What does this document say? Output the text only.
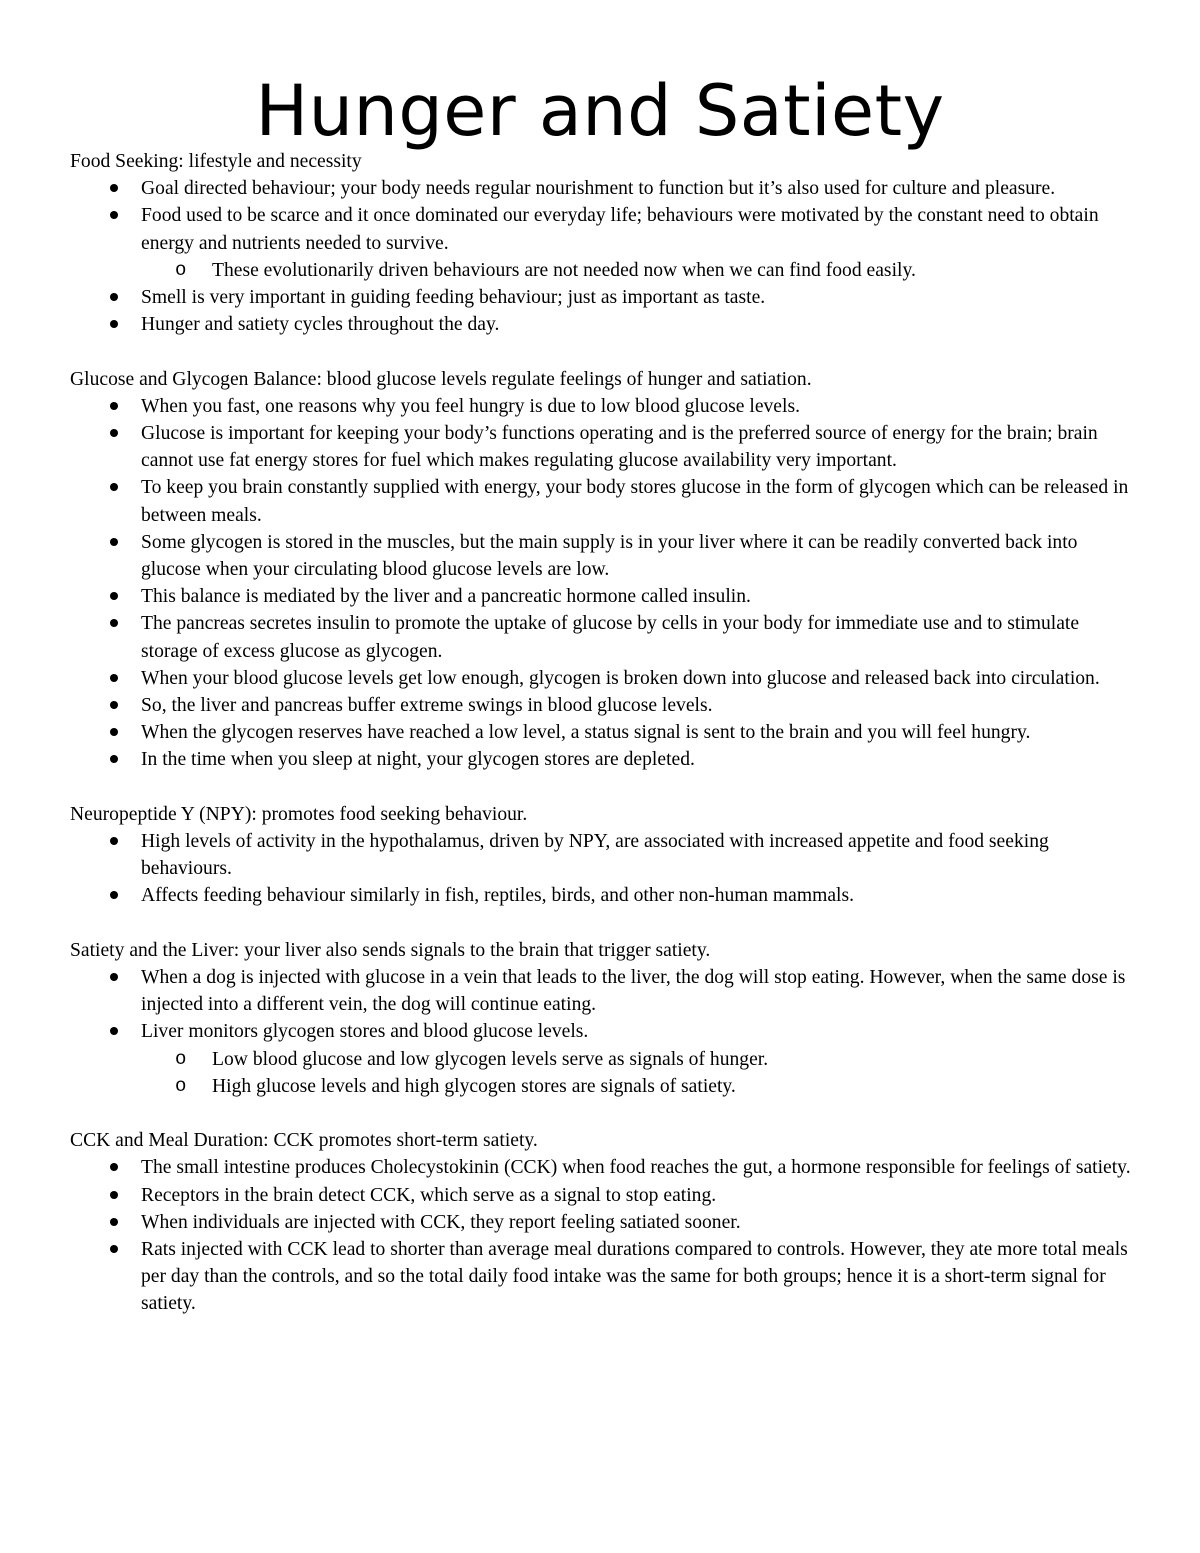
Hunger and Satiety

Food Seeking: lifestyle and necessity

Goal directed behaviour; your body needs regular nourishment to function but it’s also used for culture and pleasure.
Food used to be scarce and it once dominated our everyday life; behaviours were motivated by the constant need to obtain energy and nutrients needed to survive.
o These evolutionarily driven behaviours are not needed now when we can find food easily.
Smell is very important in guiding feeding behaviour; just as important as taste.
Hunger and satiety cycles throughout the day.

Glucose and Glycogen Balance: blood glucose levels regulate feelings of hunger and satiation.

When you fast, one reasons why you feel hungry is due to low blood glucose levels.
Glucose is important for keeping your body’s functions operating and is the preferred source of energy for the brain; brain cannot use fat energy stores for fuel which makes regulating glucose availability very important.
To keep you brain constantly supplied with energy, your body stores glucose in the form of glycogen which can be released in between meals.
Some glycogen is stored in the muscles, but the main supply is in your liver where it can be readily converted back into glucose when your circulating blood glucose levels are low.
This balance is mediated by the liver and a pancreatic hormone called insulin.
The pancreas secretes insulin to promote the uptake of glucose by cells in your body for immediate use and to stimulate storage of excess glucose as glycogen.
When your blood glucose levels get low enough, glycogen is broken down into glucose and released back into circulation.
So, the liver and pancreas buffer extreme swings in blood glucose levels.
When the glycogen reserves have reached a low level, a status signal is sent to the brain and you will feel hungry.
In the time when you sleep at night, your glycogen stores are depleted.

Neuropeptide Y (NPY): promotes food seeking behaviour.

High levels of activity in the hypothalamus, driven by NPY, are associated with increased appetite and food seeking behaviours.
Affects feeding behaviour similarly in fish, reptiles, birds, and other non-human mammals.

Satiety and the Liver: your liver also sends signals to the brain that trigger satiety.

When a dog is injected with glucose in a vein that leads to the liver, the dog will stop eating. However, when the same dose is injected into a different vein, the dog will continue eating.
Liver monitors glycogen stores and blood glucose levels.
o Low blood glucose and low glycogen levels serve as signals of hunger.
o High glucose levels and high glycogen stores are signals of satiety.

CCK and Meal Duration: CCK promotes short-term satiety.

The small intestine produces Cholecystokinin (CCK) when food reaches the gut, a hormone responsible for feelings of satiety.
Receptors in the brain detect CCK, which serve as a signal to stop eating.
When individuals are injected with CCK, they report feeling satiated sooner.
Rats injected with CCK lead to shorter than average meal durations compared to controls. However, they ate more total meals per day than the controls, and so the total daily food intake was the same for both groups; hence it is a short-term signal for satiety.
